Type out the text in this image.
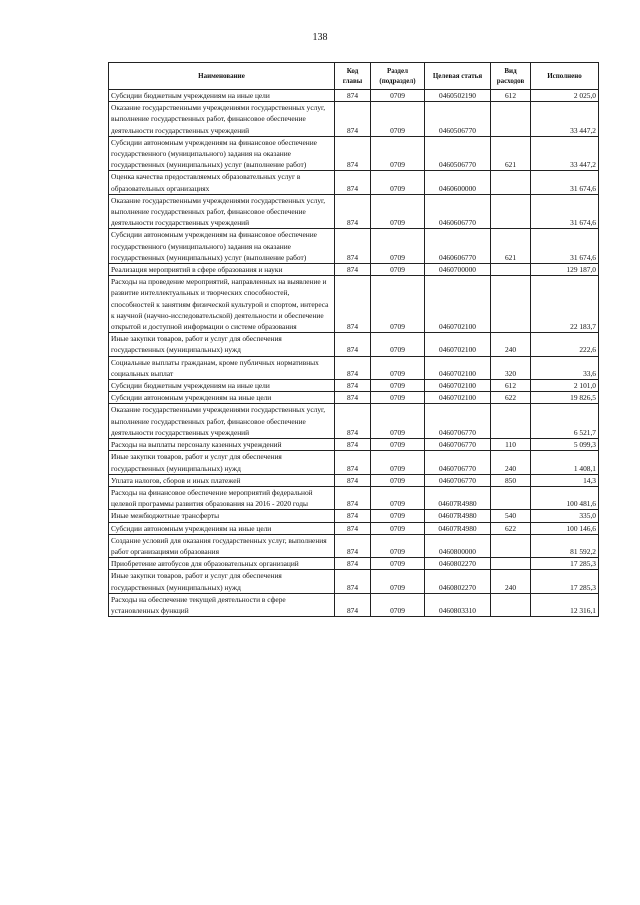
138
Наименование	Код главы	Раздел (подраздел)	Целевая статья	Вид расходов	Исполнено
Субсидии бюджетным учреждениям на иные цели	874	0709	0460502190	612	2 025,0
Оказание государственными учреждениями государственных услуг, выполнение государственных работ, финансовое обеспечение деятельности государственных учреждений	874	0709	0460506770		33 447,2
Субсидии автономным учреждениям на финансовое обеспечение государственного (муниципального) задания на оказание государственных (муниципальных) услуг (выполнение работ)	874	0709	0460506770	621	33 447,2
Оценка качества предоставляемых образовательных услуг в образовательных организациях	874	0709	0460600000		31 674,6
Оказание государственными учреждениями государственных услуг, выполнение государственных работ, финансовое обеспечение деятельности государственных учреждений	874	0709	0460606770		31 674,6
Субсидии автономным учреждениям на финансовое обеспечение государственного (муниципального) задания на оказание государственных (муниципальных) услуг (выполнение работ)	874	0709	0460606770	621	31 674,6
Реализация мероприятий в сфере образования и науки	874	0709	0460700000		129 187,0
Расходы на проведение мероприятий, направленных на выявление и развитие интеллектуальных и творческих способностей, способностей к занятиям физической культурой и спортом, интереса к научной (научно-исследовательской) деятельности и обеспечение открытой и доступной информации о системе образования	874	0709	0460702100		22 183,7
Иные закупки товаров, работ и услуг для обеспечения государственных (муниципальных) нужд	874	0709	0460702100	240	222,6
Социальные выплаты гражданам, кроме публичных нормативных социальных выплат	874	0709	0460702100	320	33,6
Субсидии бюджетным учреждениям на иные цели	874	0709	0460702100	612	2 101,0
Субсидии автономным учреждениям на иные цели	874	0709	0460702100	622	19 826,5
Оказание государственными учреждениями государственных услуг, выполнение государственных работ, финансовое обеспечение деятельности государственных учреждений	874	0709	0460706770		6 521,7
Расходы на выплаты персоналу казенных учреждений	874	0709	0460706770	110	5 099,3
Иные закупки товаров, работ и услуг для обеспечения государственных (муниципальных) нужд	874	0709	0460706770	240	1 408,1
Уплата налогов, сборов и иных платежей	874	0709	0460706770	850	14,3
Расходы на финансовое обеспечение мероприятий федеральной целевой программы развития образования на 2016 - 2020 годы	874	0709	04607R4980		100 481,6
Иные межбюджетные трансферты	874	0709	04607R4980	540	335,0
Субсидии автономным учреждениям на иные цели	874	0709	04607R4980	622	100 146,6
Создание условий для оказания государственных услуг, выполнения работ организациями образования	874	0709	0460800000		81 592,2
Приобретение автобусов для образовательных организаций	874	0709	0460802270		17 285,3
Иные закупки товаров, работ и услуг для обеспечения государственных (муниципальных) нужд	874	0709	0460802270	240	17 285,3
Расходы на обеспечение текущей деятельности в сфере установленных функций	874	0709	0460803310		12 316,1
